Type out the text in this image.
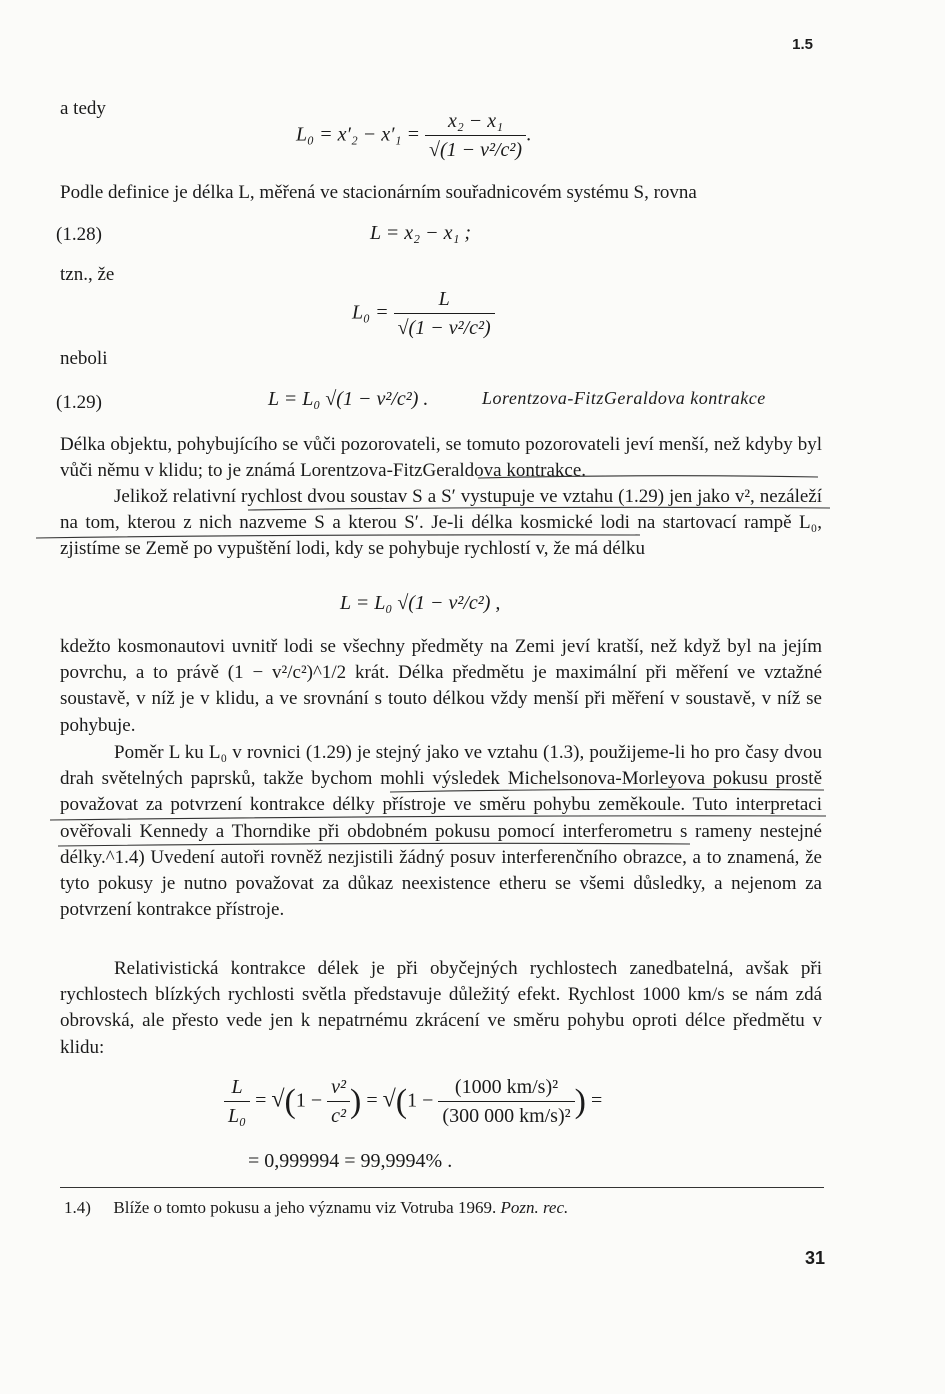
1.5
a tedy
$L_0 = x'_2 - x'_1 = \frac{\text{x₂ − x₁}}{\text{√(1 − v²/c²)}}$ .
Podle definice je délka L, měřená ve stacionárním souřadnicovém systému S, rovna
(1.28)	L = x₂ − x₁ ;
tzn., že
$L_0 = \frac{L}{\text{√(1 − v²/c²)}}$
neboli
(1.29)	L = L₀ √(1 − v²/c²) .	Lorentzova-FitzGeraldova kontrakce
Délka objektu, pohybujícího se vůči pozorovateli, se tomuto pozorovateli jeví menší, než kdyby byl vůči němu v klidu; to je známá Lorentzova-FitzGeraldova kontrakce.
Jelikož relativní rychlost dvou soustav S a S′ vystupuje ve vztahu (1.29) jen jako v², nezáleží na tom, kterou z nich nazveme S a kterou S′. Je-li délka kosmické lodi na startovací rampě L₀, zjistíme se Země po vypuštění lodi, kdy se pohybuje rychlostí v, že má délku
L = L₀ √(1 − v²/c²) ,
kdežto kosmonautovi uvnitř lodi se všechny předměty na Zemi jeví kratší, než když byl na jejím povrchu, a to právě (1 − v²/c²)^1/2 krát. Délka předmětu je maximální při měření ve vztažné soustavě, v níž je v klidu, a ve srovnání s touto délkou vždy menší při měření v soustavě, v níž se pohybuje.
Poměr L ku L₀ v rovnici (1.29) je stejný jako ve vztahu (1.3), použijeme-li ho pro časy dvou drah světelných paprsků, takže bychom mohli výsledek Michelsonova-Morleyova pokusu prostě považovat za potvrzení kontrakce délky přístroje ve směru pohybu zeměkoule. Tuto interpretaci ověřovali Kennedy a Thorndike při obdobném pokusu pomocí interferometru s rameny nestejné délky.^1.4) Uvedení autoři rovněž nezjistili žádný posuv interferenčního obrazce, a to znamená, že tyto pokusy je nutno považovat za důkaz neexistence etheru se všemi důsledky, a nejenom za potvrzení kontrakce přístroje.
Relativistická kontrakce délek je při obyčejných rychlostech zanedbatelná, avšak při rychlostech blízkých rychlosti světla představuje důležitý efekt. Rychlost 1000 km/s se nám zdá obrovská, ale přesto vede jen k nepatrnému zkrácení ve směru pohybu oproti délce předmětu v klidu:
$\frac{L}{\text{L₀}} = √(1 - \frac{\text{v²}}{\text{c²}}$ ) = $√(1 - \frac{\text{(1000 km/s)²}}{\text{(300 000 km/s)²}}$ ) =
= 0,999994 = 99,9994% .
1.4) Blíže o tomto pokusu a jeho významu viz Votruba 1969. Pozn. rec.
31
